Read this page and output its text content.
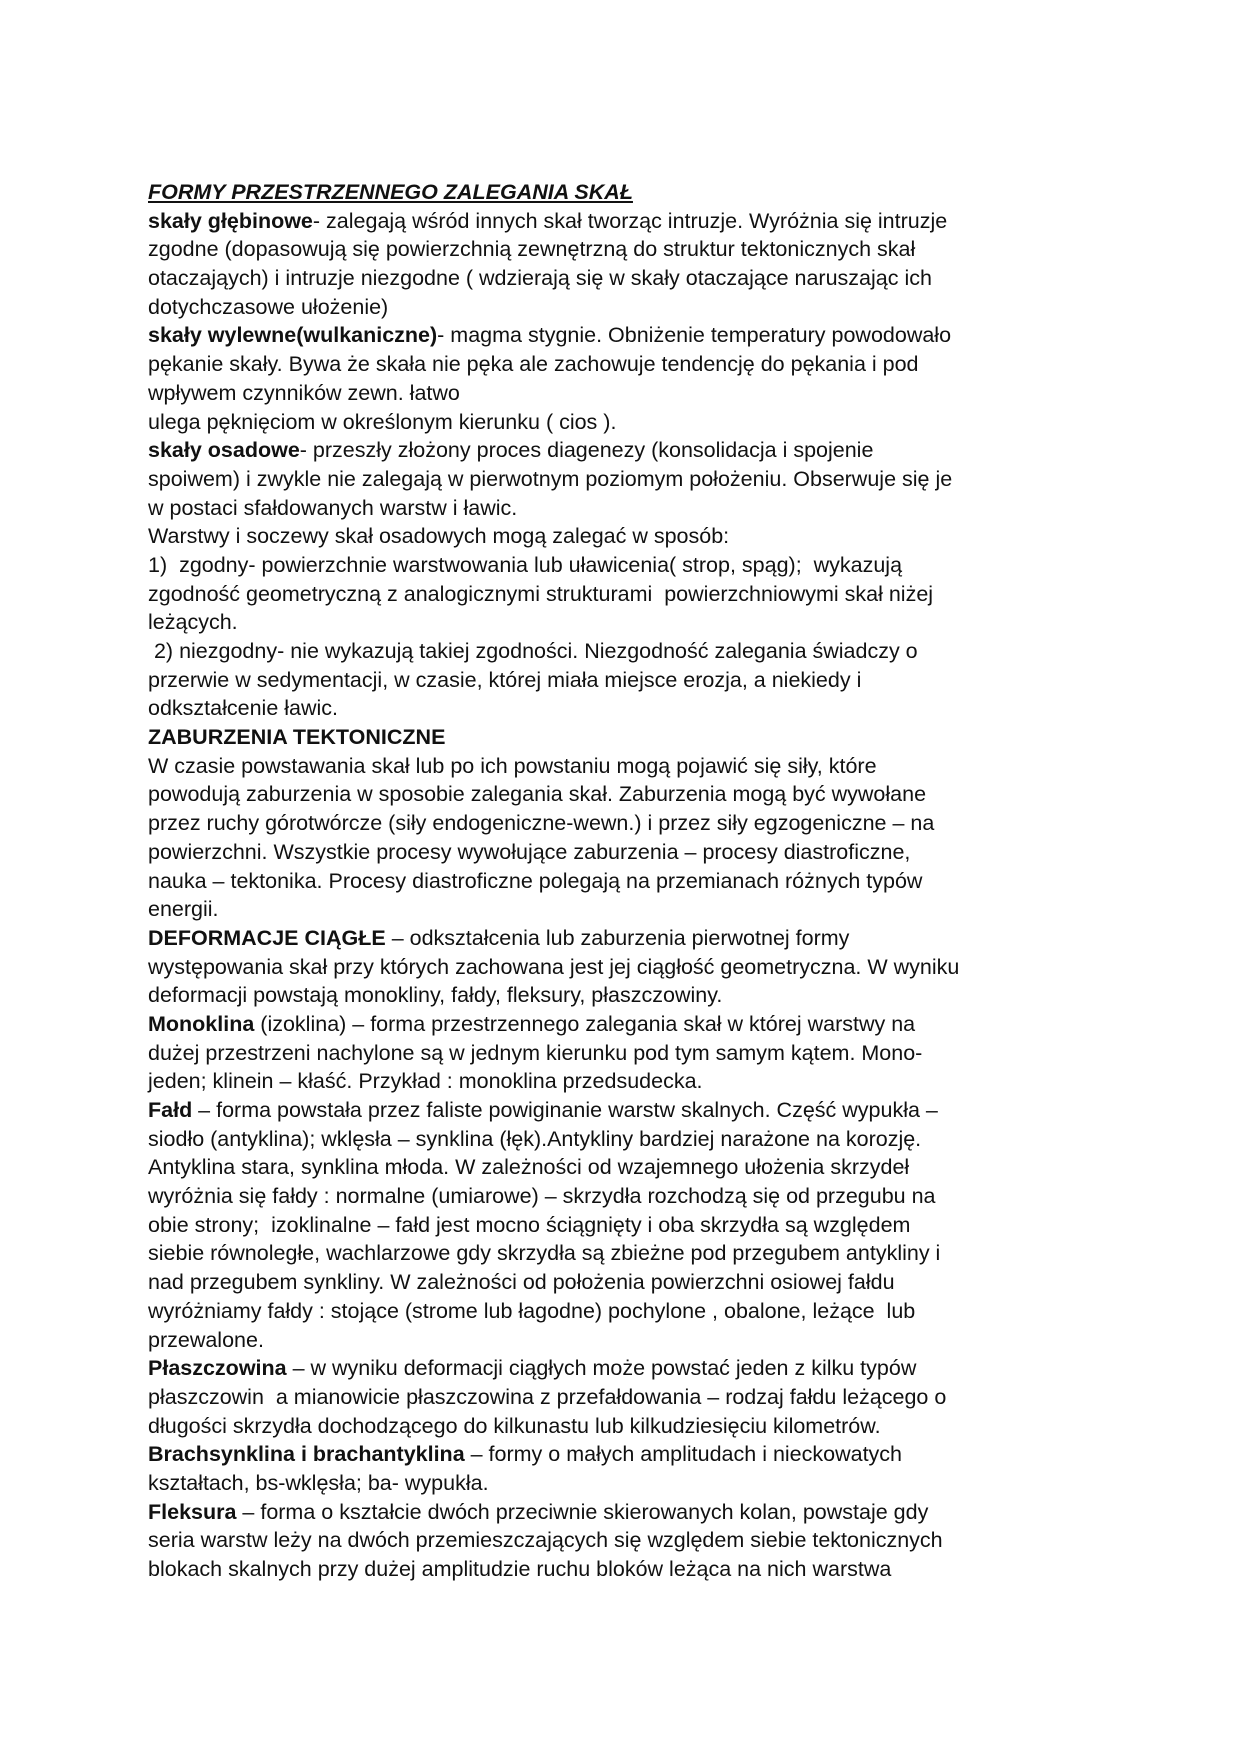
FORMY PRZESTRZENNEGO ZALEGANIA SKAŁ
skały głębinowe- zalegają wśród innych skał tworząc intruzje. Wyróżnia się intruzje
zgodne (dopasowują się powierzchnią zewnętrzną do struktur tektonicznych skał
otaczająych) i intruzje niezgodne ( wdzierają się w skały otaczające naruszając ich
dotychczasowe ułożenie)
skały wylewne(wulkaniczne)- magma stygnie. Obniżenie temperatury powodowało
pękanie skały. Bywa że skała nie pęka ale zachowuje tendencję do pękania i pod
wpływem czynników zewn. łatwo
ulega pęknięciom w określonym kierunku ( cios ).
skały osadowe- przeszły złożony proces diagenezy (konsolidacja i spojenie
spoiwem) i zwykle nie zalegają w pierwotnym poziomym położeniu. Obserwuje się je
w postaci sfałdowanych warstw i ławic.
Warstwy i soczewy skał osadowych mogą zalegać w sposób:
1)  zgodny- powierzchnie warstwowania lub uławicenia( strop, spąg);  wykazują
zgodność geometryczną z analogicznymi strukturami  powierzchniowymi skał niżej
leżących.
2) niezgodny- nie wykazują takiej zgodności. Niezgodność zalegania świadczy o
przerwie w sedymentacji, w czasie, której miała miejsce erozja, a niekiedy i
odkształcenie ławic.
ZABURZENIA TEKTONICZNE
W czasie powstawania skał lub po ich powstaniu mogą pojawić się siły, które
powodują zaburzenia w sposobie zalegania skał. Zaburzenia mogą być wywołane
przez ruchy górotwórcze (siły endogeniczne-wewn.) i przez siły egzogeniczne – na
powierzchni. Wszystkie procesy wywołujące zaburzenia – procesy diastroficzne,
nauka – tektonika. Procesy diastroficzne polegają na przemianach różnych typów
energii.
DEFORMACJE CIĄGŁE – odkształcenia lub zaburzenia pierwotnej formy
występowania skał przy których zachowana jest jej ciągłość geometryczna. W wyniku
deformacji powstają monokliny, fałdy, fleksury, płaszczowiny.
Monoklina (izoklina) – forma przestrzennego zalegania skał w której warstwy na
dużej przestrzeni nachylone są w jednym kierunku pod tym samym kątem. Mono-
jeden; klinein – kłaść. Przykład : monoklina przedsudecka.
Fałd – forma powstała przez faliste powiginanie warstw skalnych. Część wypukła –
siodło (antyklina); wklęsła – synklina (łęk).Antykliny bardziej narażone na korozję.
Antyklina stara, synklina młoda. W zależności od wzajemnego ułożenia skrzydeł
wyróżnia się fałdy : normalne (umiarowe) – skrzydła rozchodzą się od przegubu na
obie strony;  izoklinalne – fałd jest mocno ściągnięty i oba skrzydła są względem
siebie równoległe, wachlarzowe gdy skrzydła są zbieżne pod przegubem antykliny i
nad przegubem synkliny. W zależności od położenia powierzchni osiowej fałdu
wyróżniamy fałdy : stojące (strome lub łagodne) pochylone , obalone, leżące  lub
przewalone.
Płaszczowina – w wyniku deformacji ciągłych może powstać jeden z kilku typów
płaszczowin  a mianowicie płaszczowina z przefałdowania – rodzaj fałdu leżącego o
długości skrzydła dochodzącego do kilkunastu lub kilkudziesięciu kilometrów.
Brachsynklina i brachantyklina – formy o małych amplitudach i nieckowatych
kształtach, bs-wklęsła; ba- wypukła.
Fleksura – forma o kształcie dwóch przeciwnie skierowanych kolan, powstaje gdy
seria warstw leży na dwóch przemieszczających się względem siebie tektonicznych
blokach skalnych przy dużej amplitudzie ruchu bloków leżąca na nich warstwa
